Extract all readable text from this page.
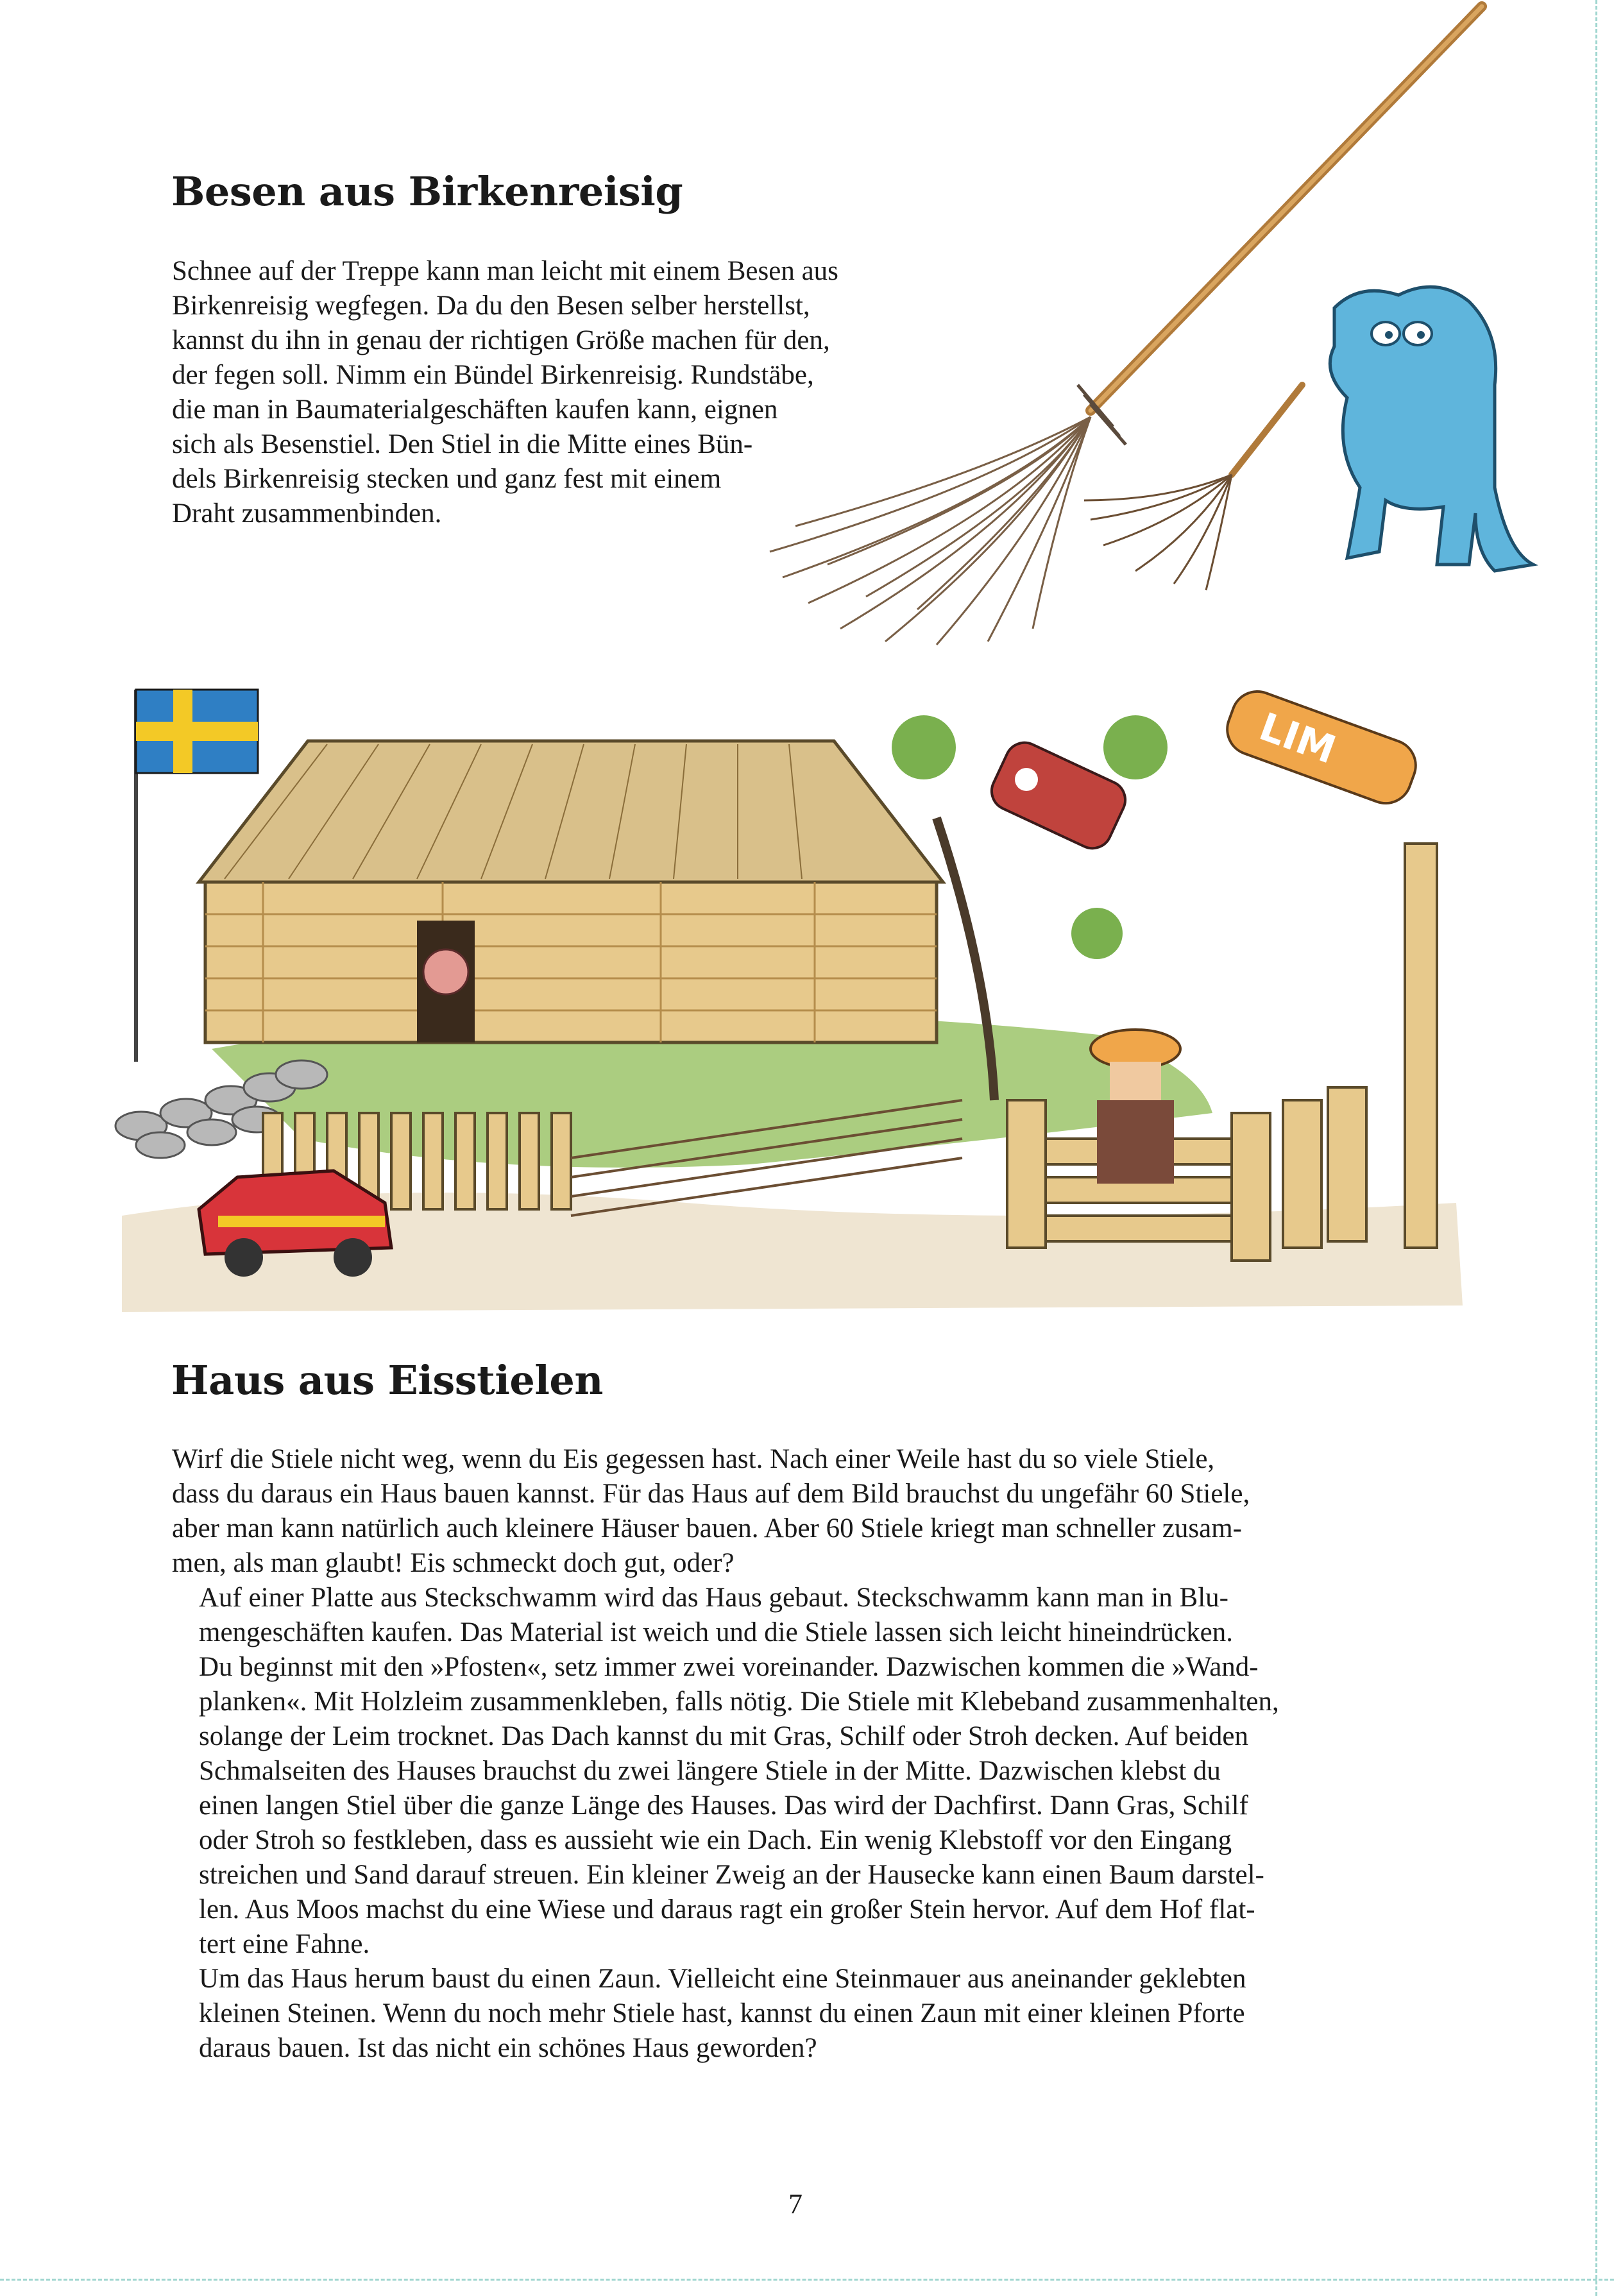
Besen aus Birkenreisig
Schnee auf der Treppe kann man leicht mit einem Besen aus
Birkenreisig wegfegen. Da du den Besen selber herstellst,
kannst du ihn in genau der richtigen Größe machen für den,
der fegen soll. Nimm ein Bündel Birkenreisig. Rundstäbe,
die man in Baumaterialgeschäften kaufen kann, eignen
sich als Besenstiel. Den Stiel in die Mitte eines Bün-
dels Birkenreisig stecken und ganz fest mit einem
Draht zusammenbinden.
LIM
Haus aus Eisstielen

Wirf die Stiele nicht weg, wenn du Eis gegessen hast. Nach einer Weile hast du so viele Stiele,
dass du daraus ein Haus bauen kannst. Für das Haus auf dem Bild brauchst du ungefähr 60 Stiele,
aber man kann natürlich auch kleinere Häuser bauen. Aber 60 Stiele kriegt man schneller zusam-
men, als man glaubt! Eis schmeckt doch gut, oder?

Auf einer Platte aus Steckschwamm wird das Haus gebaut. Steckschwamm kann man in Blu-
mengeschäften kaufen. Das Material ist weich und die Stiele lassen sich leicht hineindrücken.
Du beginnst mit den »Pfosten«, setz immer zwei voreinander. Dazwischen kommen die »Wand-
planken«. Mit Holzleim zusammenkleben, falls nötig. Die Stiele mit Klebeband zusammenhalten,
solange der Leim trocknet. Das Dach kannst du mit Gras, Schilf oder Stroh decken. Auf beiden
Schmalseiten des Hauses brauchst du zwei längere Stiele in der Mitte. Dazwischen klebst du
einen langen Stiel über die ganze Länge des Hauses. Das wird der Dachfirst. Dann Gras, Schilf
oder Stroh so festkleben, dass es aussieht wie ein Dach. Ein wenig Klebstoff vor den Eingang
streichen und Sand darauf streuen. Ein kleiner Zweig an der Hausecke kann einen Baum darstel-
len. Aus Moos machst du eine Wiese und daraus ragt ein großer Stein hervor. Auf dem Hof flat-
tert eine Fahne.

Um das Haus herum baust du einen Zaun. Vielleicht eine Steinmauer aus aneinander geklebten
kleinen Steinen. Wenn du noch mehr Stiele hast, kannst du einen Zaun mit einer kleinen Pforte
daraus bauen. Ist das nicht ein schönes Haus geworden?

7
